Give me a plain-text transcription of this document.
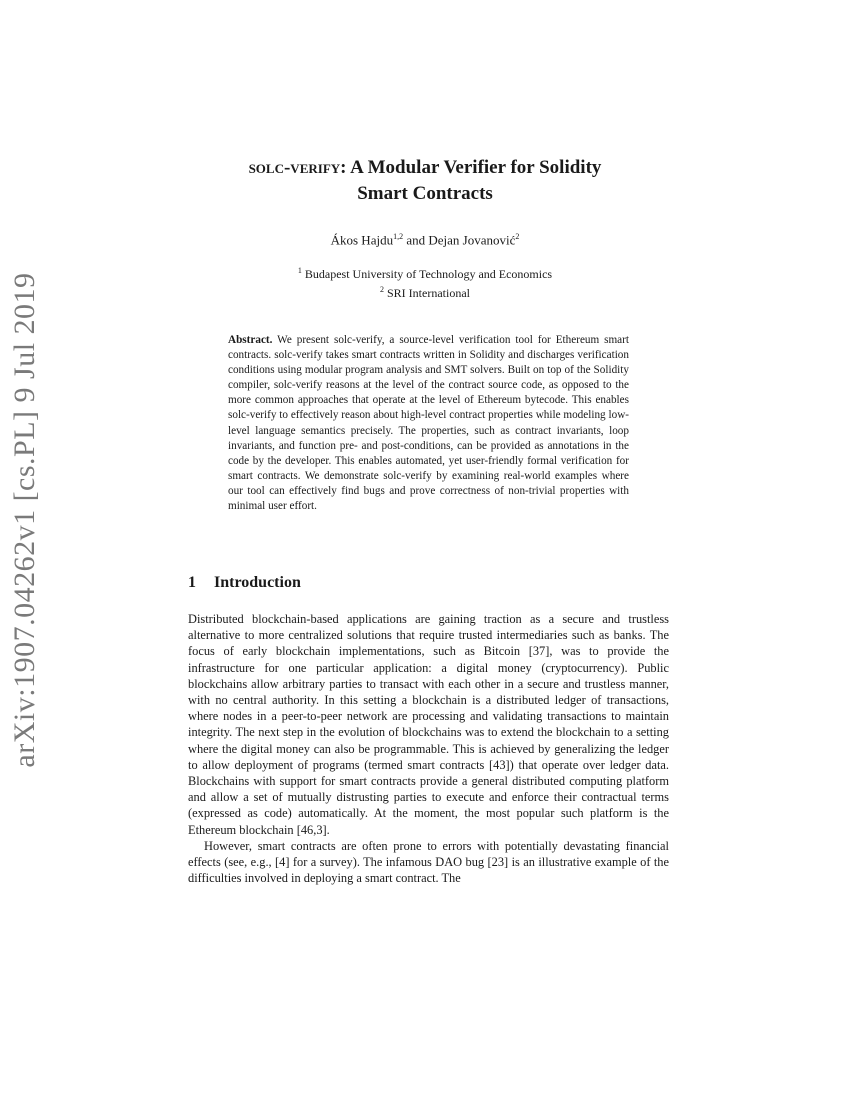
arXiv:1907.04262v1 [cs.PL] 9 Jul 2019
solc-verify: A Modular Verifier for Solidity
Smart Contracts
Ákos Hajdu$^{1,2}$ and Dejan Jovanović$^2$
$^1$ Budapest University of Technology and Economics
$^2$ SRI International
Abstract. We present solc-verify, a source-level verification tool for Ethereum smart contracts. solc-verify takes smart contracts written in Solidity and discharges verification conditions using modular program analysis and SMT solvers. Built on top of the Solidity compiler, solc-verify reasons at the level of the contract source code, as opposed to the more common approaches that operate at the level of Ethereum bytecode. This enables solc-verify to effectively reason about high-level contract properties while modeling low-level language semantics precisely. The properties, such as contract invariants, loop invariants, and function pre- and post-conditions, can be provided as annotations in the code by the developer. This enables automated, yet user-friendly formal verification for smart contracts. We demonstrate solc-verify by examining real-world examples where our tool can effectively find bugs and prove correctness of non-trivial properties with minimal user effort.
1 Introduction

Distributed blockchain-based applications are gaining traction as a secure and trustless alternative to more centralized solutions that require trusted intermediaries such as banks. The focus of early blockchain implementations, such as Bitcoin [37], was to provide the infrastructure for one particular application: a digital money (cryptocurrency). Public blockchains allow arbitrary parties to transact with each other in a secure and trustless manner, with no central authority. In this setting a blockchain is a distributed ledger of transactions, where nodes in a peer-to-peer network are processing and validating transactions to maintain integrity. The next step in the evolution of blockchains was to extend the blockchain to a setting where the digital money can also be programmable. This is achieved by generalizing the ledger to allow deployment of programs (termed smart contracts [43]) that operate over ledger data. Blockchains with support for smart contracts provide a general distributed computing platform and allow a set of mutually distrusting parties to execute and enforce their contractual terms (expressed as code) automatically. At the moment, the most popular such platform is the Ethereum blockchain [46,3].

However, smart contracts are often prone to errors with potentially devastating financial effects (see, e.g., [4] for a survey). The infamous DAO bug [23] is an illustrative example of the difficulties involved in deploying a smart contract. The
